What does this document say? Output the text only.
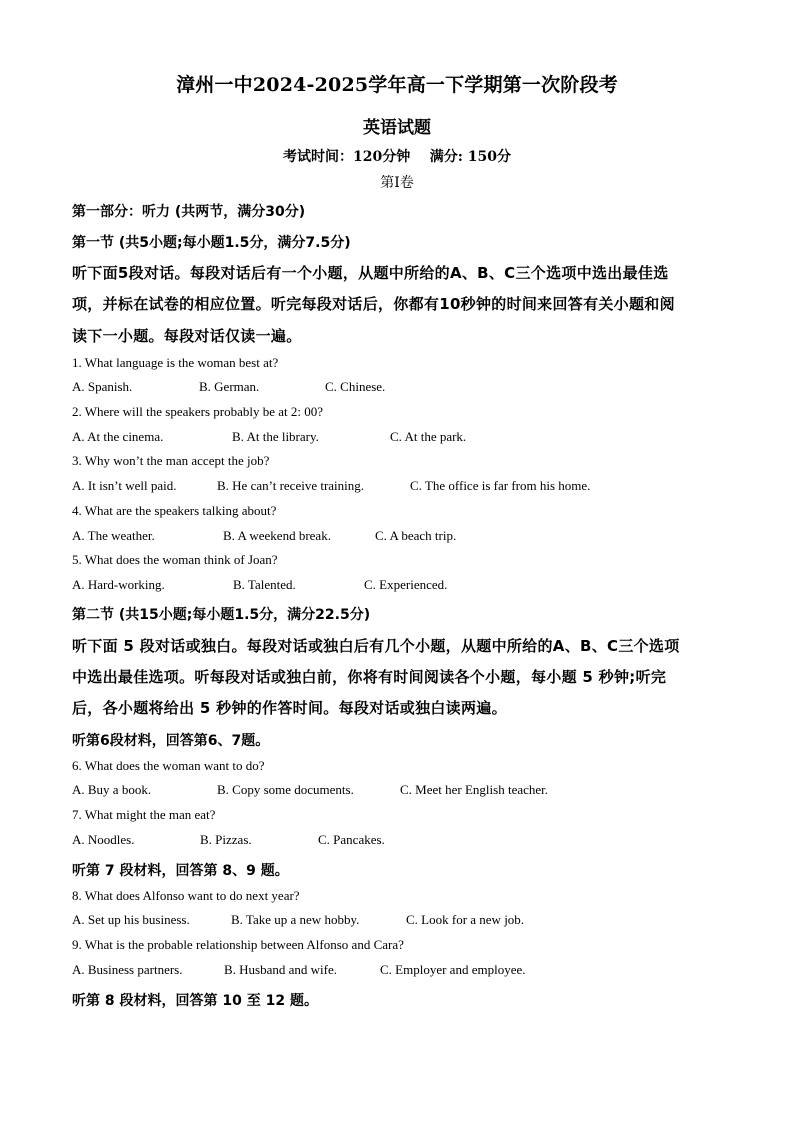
漳州一中2024-2025学年高一下学期第一次阶段考
英语试题
考试时间：120分钟    满分: 150分
第Ⅰ卷
第一部分：听力 (共两节，满分30分)
第一节 (共5小题;每小题1.5分，满分7.5分)
听下面5段对话。每段对话后有一个小题，从题中所给的A、B、C三个选项中选出最佳选
项，并标在试卷的相应位置。听完每段对话后，你都有10秒钟的时间来回答有关小题和阅
读下一小题。每段对话仅读一遍。
1. What language is the woman best at?
A. Spanish.	B. German.	C. Chinese.
2. Where will the speakers probably be at 2: 00?
A. At the cinema.	B. At the library.	C. At the park.
3. Why won’t the man accept the job?
A. It isn’t well paid.	B. He can’t receive training.	C. The office is far from his home.
4. What are the speakers talking about?
A. The weather.	B. A weekend break.	C. A beach trip.
5. What does the woman think of Joan?
A. Hard-working.	B. Talented.	C. Experienced.
第二节 (共15小题;每小题1.5分，满分22.5分)
听下面 5 段对话或独白。每段对话或独白后有几个小题，从题中所给的A、B、C三个选项
中选出最佳选项。听每段对话或独白前，你将有时间阅读各个小题，每小题 5 秒钟;听完
后，各小题将给出 5 秒钟的作答时间。每段对话或独白读两遍。
听第6段材料，回答第6、7题。
6. What does the woman want to do?
A. Buy a book.	B. Copy some documents.	C. Meet her English teacher.
7. What might the man eat?
A. Noodles.	B. Pizzas.	C. Pancakes.
听第 7 段材料，回答第 8、9 题。
8. What does Alfonso want to do next year?
A. Set up his business.	B. Take up a new hobby.	C. Look for a new job.
9. What is the probable relationship between Alfonso and Cara?
A. Business partners.	B. Husband and wife.	C. Employer and employee.
听第 8 段材料，回答第 10 至 12 题。
